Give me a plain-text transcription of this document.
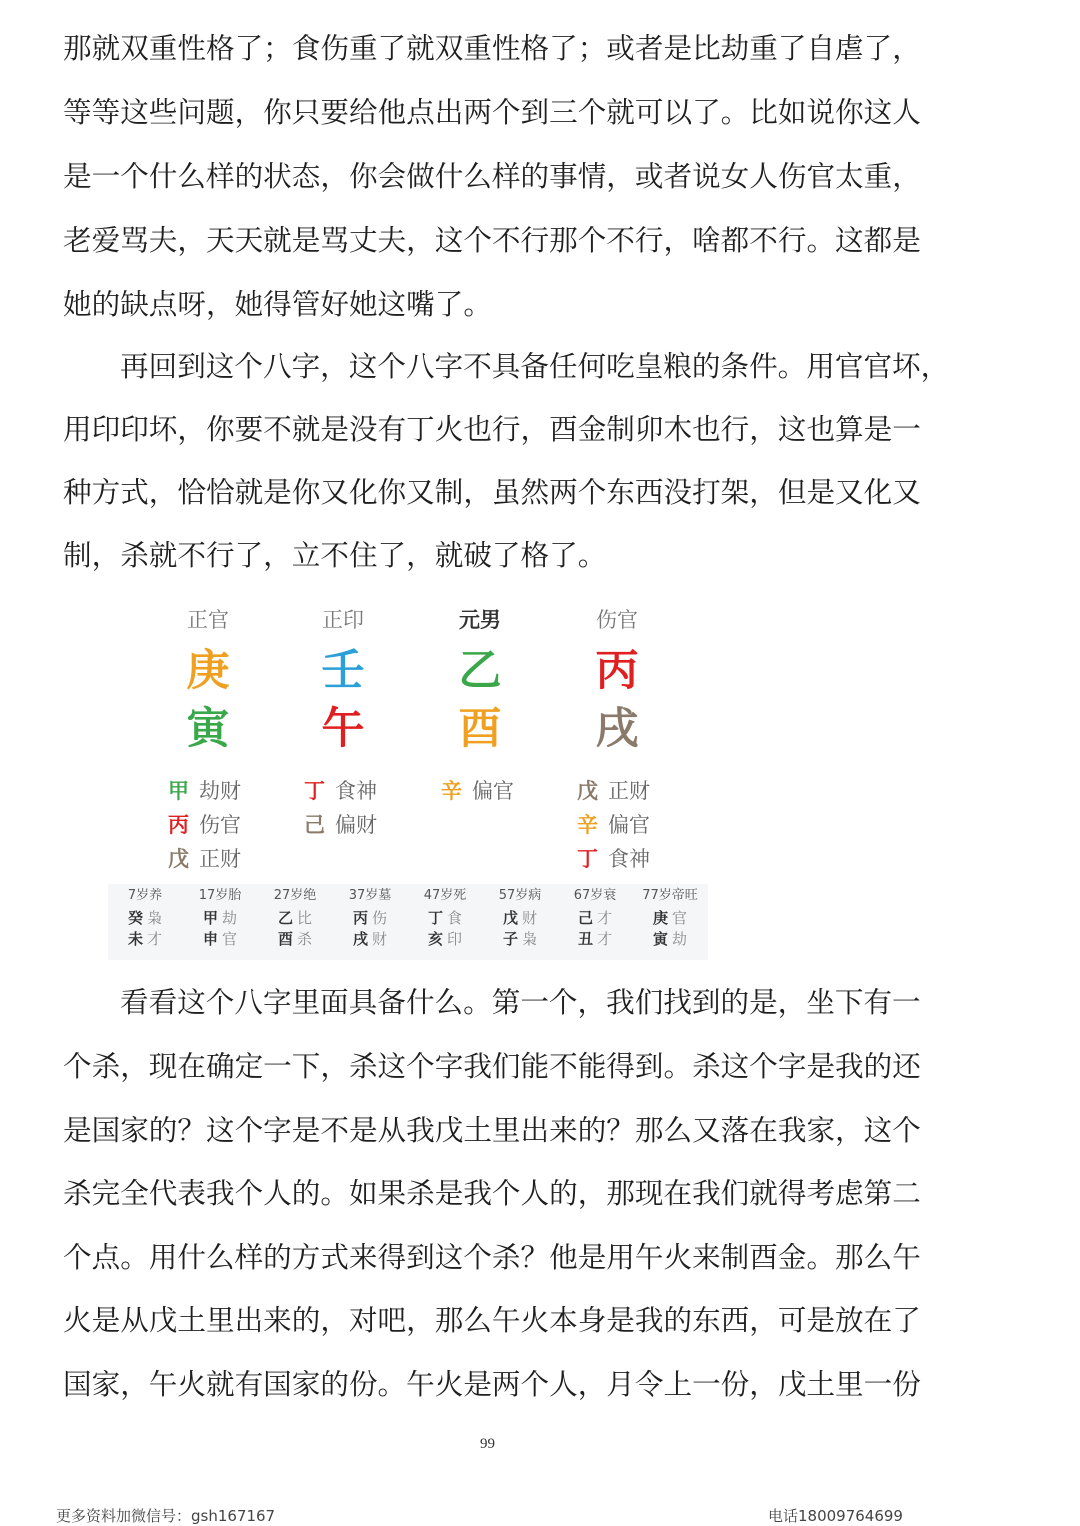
那就双重性格了；食伤重了就双重性格了；或者是比劫重了自虐了，
等等这些问题，你只要给他点出两个到三个就可以了。比如说你这人
是一个什么样的状态，你会做什么样的事情，或者说女人伤官太重，
老爱骂夫，天天就是骂丈夫，这个不行那个不行，啥都不行。这都是
她的缺点呀，她得管好她这嘴了。
再回到这个八字，这个八字不具备任何吃皇粮的条件。用官官坏，
用印印坏，你要不就是没有丁火也行，酉金制卯木也行，这也算是一
种方式，恰恰就是你又化你又制，虽然两个东西没打架，但是又化又
制，杀就不行了，立不住了，就破了格了。
正官
庚
寅
正印
壬
午
元男
乙
酉
伤官
丙
戌
甲 劫财
丙 伤官
戊 正财
丁 食神
己 偏财
辛 偏官	戊 正财
辛 偏官
丁 食神
7岁养
癸 枭
未 才
17岁胎
甲 劫
申 官
27岁绝
乙 比
酉 杀
37岁墓
丙 伤
戌 财
47岁死
丁 食
亥 印
57岁病
戊 财
子 枭
67岁衰
己 才
丑 才
77岁帝旺
庚 官
寅 劫
看看这个八字里面具备什么。第一个，我们找到的是，坐下有一
个杀，现在确定一下，杀这个字我们能不能得到。杀这个字是我的还
是国家的？这个字是不是从我戊土里出来的？那么又落在我家，这个
杀完全代表我个人的。如果杀是我个人的，那现在我们就得考虑第二
个点。用什么样的方式来得到这个杀？他是用午火来制酉金。那么午
火是从戊土里出来的，对吧，那么午火本身是我的东西，可是放在了
国家，午火就有国家的份。午火是两个人，月令上一份，戊土里一份
99
更多资料加微信号：gsh167167	电话18009764699
